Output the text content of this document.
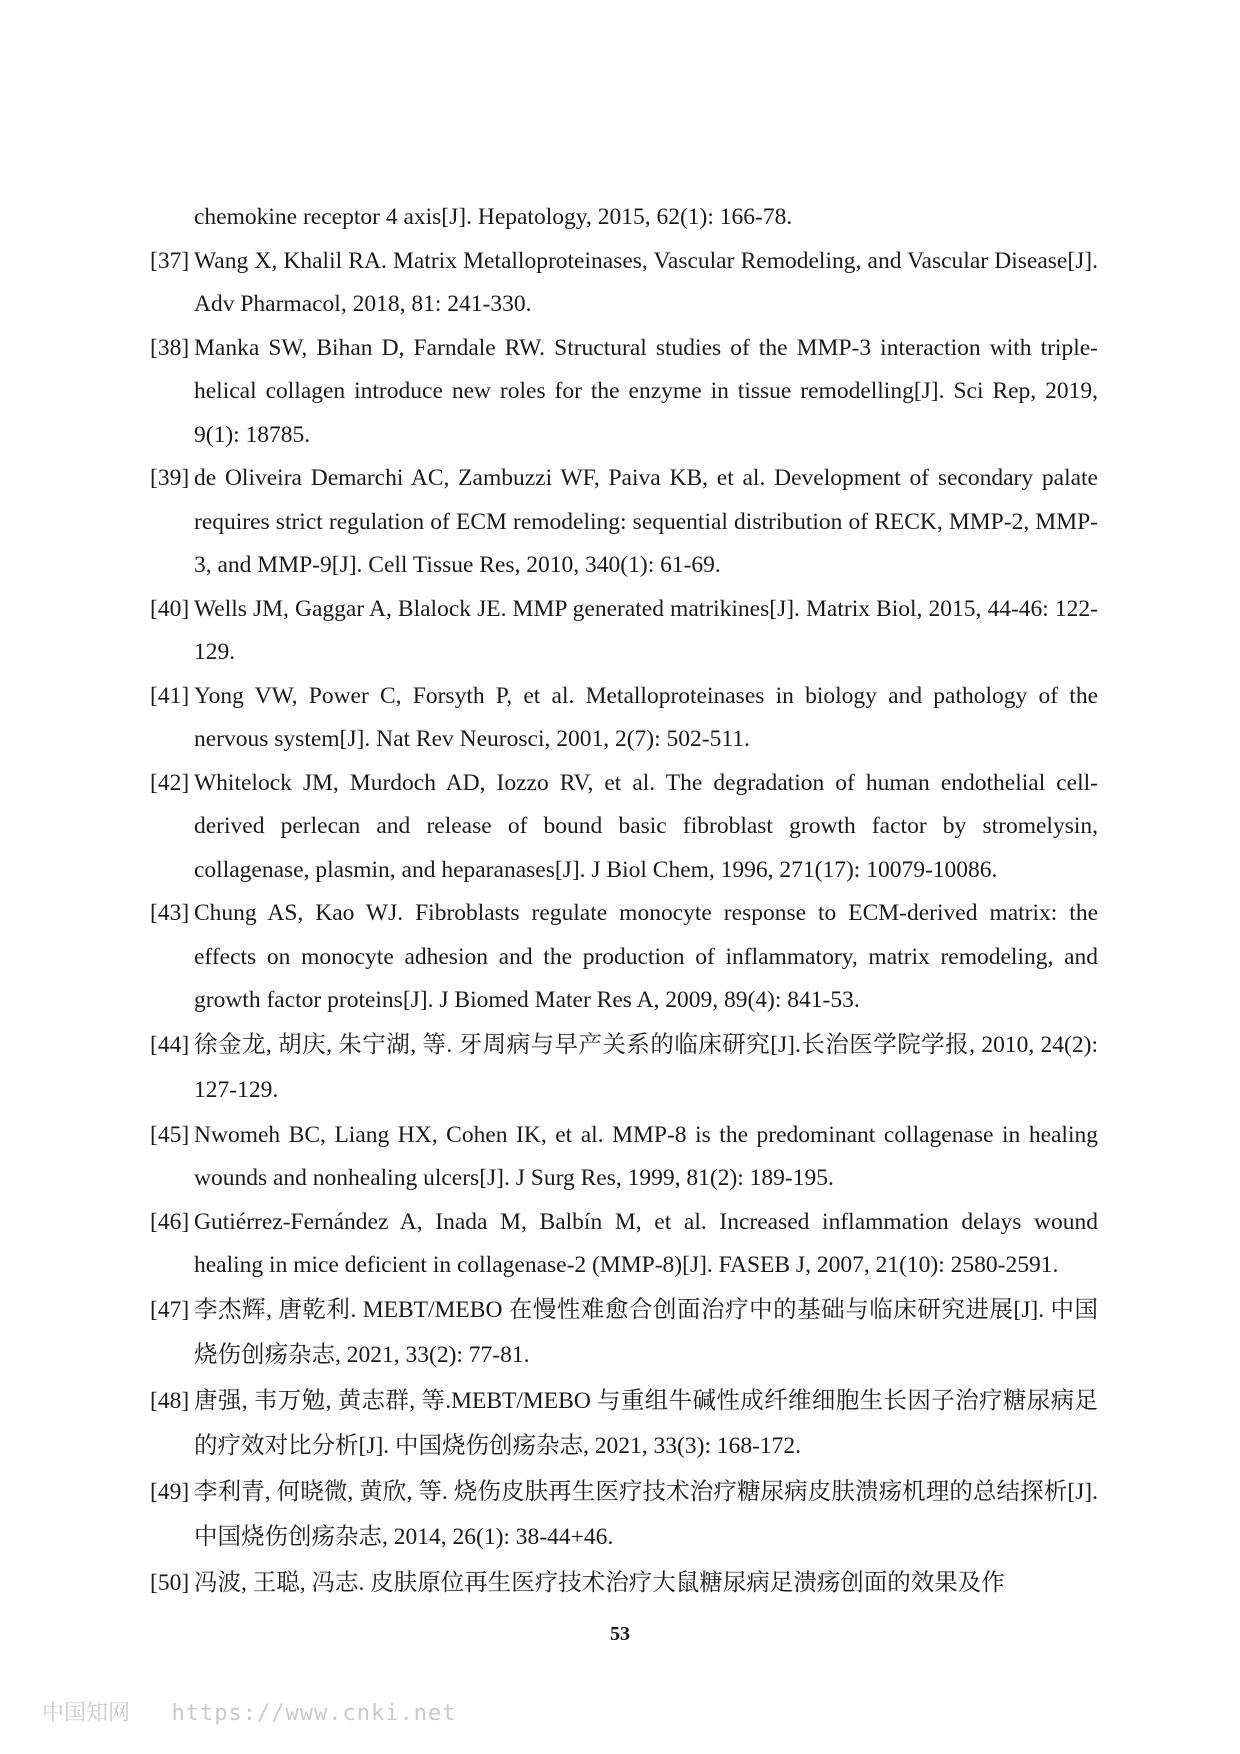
chemokine receptor 4 axis[J]. Hepatology, 2015, 62(1): 166-78.
[37] Wang X, Khalil RA. Matrix Metalloproteinases, Vascular Remodeling, and Vascular Disease[J]. Adv Pharmacol, 2018, 81: 241-330.
[38] Manka SW, Bihan D, Farndale RW. Structural studies of the MMP-3 interaction with triple-helical collagen introduce new roles for the enzyme in tissue remodelling[J]. Sci Rep, 2019, 9(1): 18785.
[39] de Oliveira Demarchi AC, Zambuzzi WF, Paiva KB, et al. Development of secondary palate requires strict regulation of ECM remodeling: sequential distribution of RECK, MMP-2, MMP-3, and MMP-9[J]. Cell Tissue Res, 2010, 340(1): 61-69.
[40] Wells JM, Gaggar A, Blalock JE. MMP generated matrikines[J]. Matrix Biol, 2015, 44-46: 122-129.
[41] Yong VW, Power C, Forsyth P, et al. Metalloproteinases in biology and pathology of the nervous system[J]. Nat Rev Neurosci, 2001, 2(7): 502-511.
[42] Whitelock JM, Murdoch AD, Iozzo RV, et al. The degradation of human endothelial cell-derived perlecan and release of bound basic fibroblast growth factor by stromelysin, collagenase, plasmin, and heparanases[J]. J Biol Chem, 1996, 271(17): 10079-10086.
[43] Chung AS, Kao WJ. Fibroblasts regulate monocyte response to ECM-derived matrix: the effects on monocyte adhesion and the production of inflammatory, matrix remodeling, and growth factor proteins[J]. J Biomed Mater Res A, 2009, 89(4): 841-53.
[44] 徐金龙, 胡庆, 朱宁湖, 等. 牙周病与早产关系的临床研究[J].长治医学院学报, 2010, 24(2): 127-129.
[45] Nwomeh BC, Liang HX, Cohen IK, et al. MMP-8 is the predominant collagenase in healing wounds and nonhealing ulcers[J]. J Surg Res, 1999, 81(2): 189-195.
[46] Gutiérrez-Fernández A, Inada M, Balbín M, et al. Increased inflammation delays wound healing in mice deficient in collagenase-2 (MMP-8)[J]. FASEB J, 2007, 21(10): 2580-2591.
[47] 李杰辉, 唐乾利. MEBT/MEBO 在慢性难愈合创面治疗中的基础与临床研究进展[J]. 中国烧伤创疡杂志, 2021, 33(2): 77-81.
[48] 唐强, 韦万勉, 黄志群, 等.MEBT/MEBO 与重组牛碱性成纤维细胞生长因子治疗糖尿病足的疗效对比分析[J]. 中国烧伤创疡杂志, 2021, 33(3): 168-172.
[49] 李利青, 何晓微, 黄欣, 等. 烧伤皮肤再生医疗技术治疗糖尿病皮肤溃疡机理的总结探析[J]. 中国烧伤创疡杂志, 2014, 26(1): 38-44+46.
[50] 冯波, 王聪, 冯志. 皮肤原位再生医疗技术治疗大鼠糖尿病足溃疡创面的效果及作
53
中国知网 https://www.cnki.net
